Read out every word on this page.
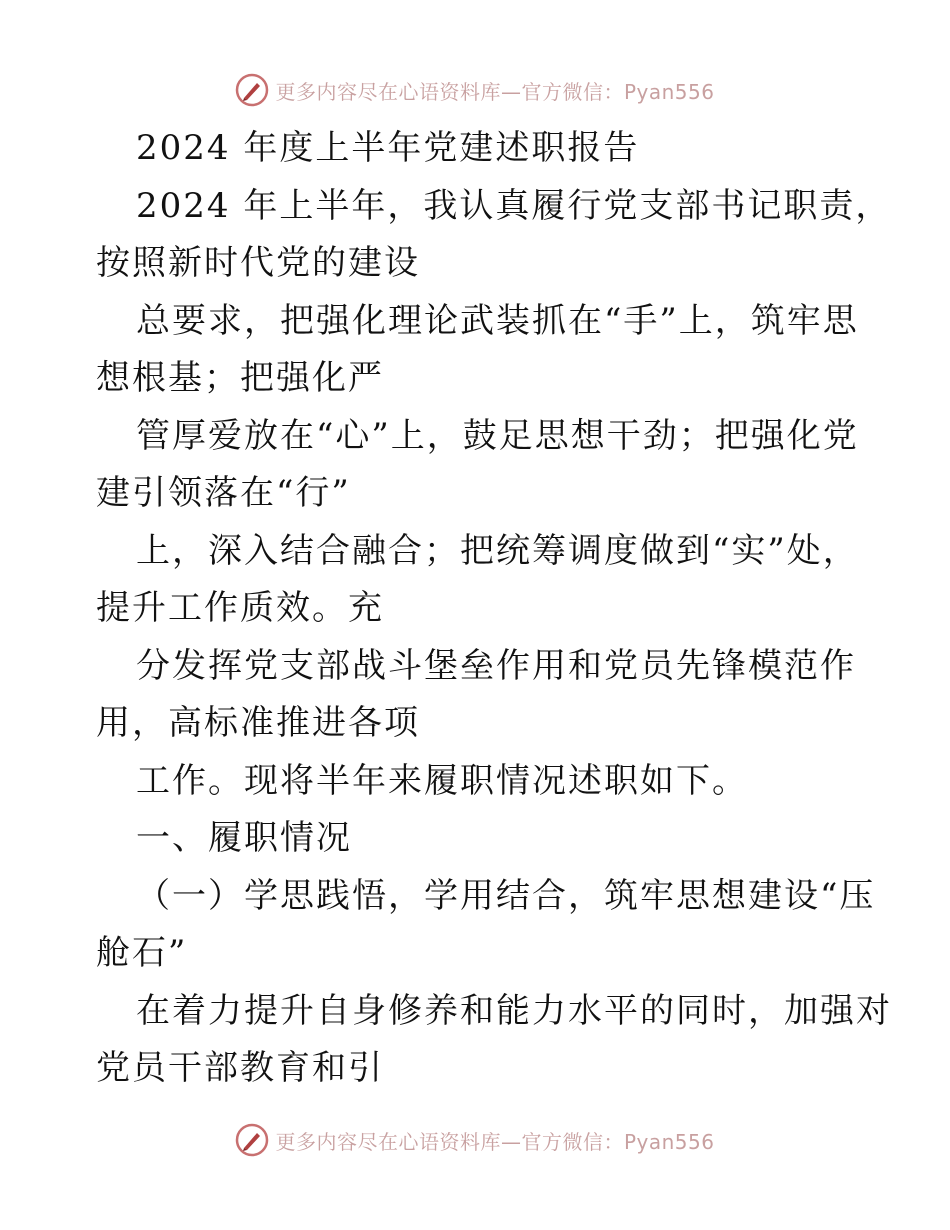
更多内容尽在心语资料库—官方微信：Pyan556
2024 年度上半年党建述职报告
2024 年上半年，我认真履行党支部书记职责，
按照新时代党的建设
总要求，把强化理论武装抓在“手”上，筑牢思
想根基；把强化严
管厚爱放在“心”上，鼓足思想干劲；把强化党
建引领落在“行”
上，深入结合融合；把统筹调度做到“实”处，
提升工作质效。充
分发挥党支部战斗堡垒作用和党员先锋模范作
用，高标准推进各项
工作。现将半年来履职情况述职如下。
一、履职情况
（一）学思践悟，学用结合，筑牢思想建设“压
舱石”
在着力提升自身修养和能力水平的同时，加强对
党员干部教育和引
更多内容尽在心语资料库—官方微信：Pyan556
